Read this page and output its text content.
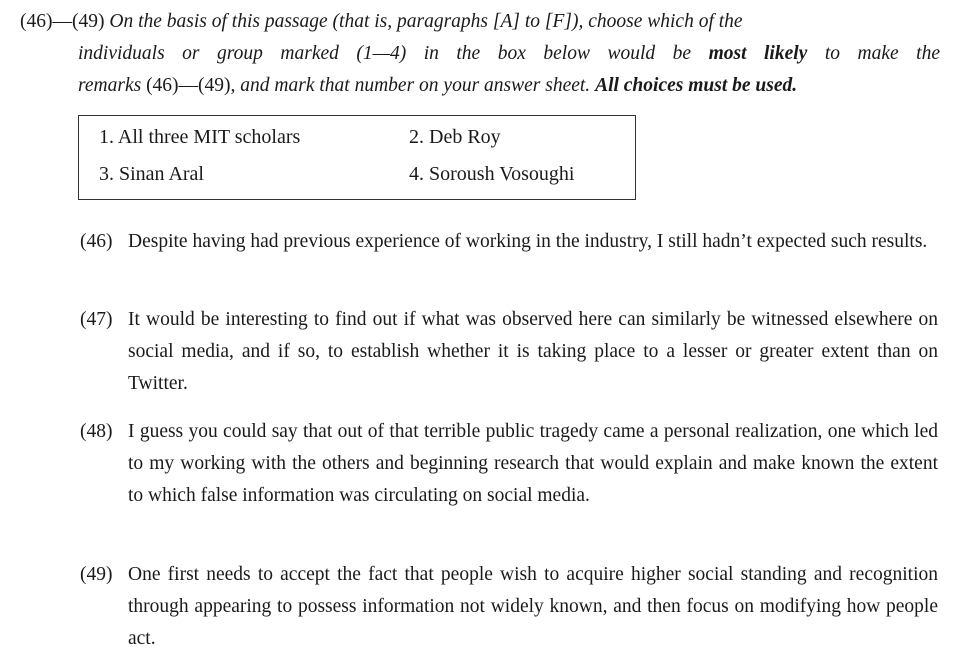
(46)—(49) On the basis of this passage (that is, paragraphs [A] to [F]), choose which of the
individuals or group marked (1—4) in the box below would be most likely to make the
remarks (46)—(49), and mark that number on your answer sheet. All choices must be used.
1. All three MIT scholars	2. Deb Roy
3. Sinan Aral	4. Soroush Vosoughi
(46) Despite having had previous experience of working in the industry, I still hadn’t expected such results.
(47) It would be interesting to find out if what was observed here can similarly be witnessed elsewhere on social media, and if so, to establish whether it is taking place to a lesser or greater extent than on Twitter.
(48) I guess you could say that out of that terrible public tragedy came a personal realization, one which led to my working with the others and beginning research that would explain and make known the extent to which false information was circulating on social media.
(49) One first needs to accept the fact that people wish to acquire higher social standing and recognition through appearing to possess information not widely known, and then focus on modifying how people act.
